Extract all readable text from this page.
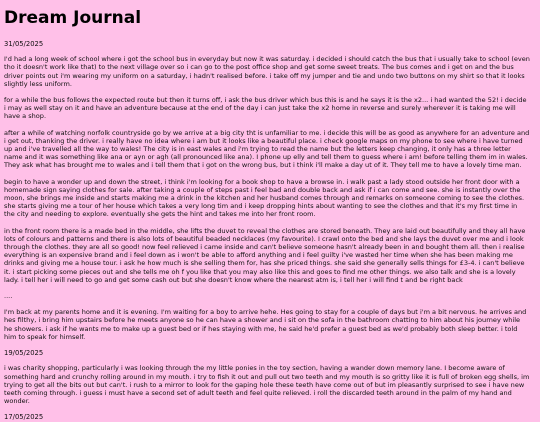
Dream Journal
31/05/2025

I'd had a long week of school where i got the school bus in everyday but now it was saturday. i decided i should catch the bus that i usually take to school (even tho it doesn't work like that) to the next village over so i can go to the post office shop and get some sweet treats. The bus comes and i get on and the bus driver points out i'm wearing my uniform on a saturday, i hadn't realised before. i take off my jumper and tie and undo two buttons on my shirt so that it looks slightly less uniform.

for a while the bus follows the expected route but then it turns off, i ask the bus driver which bus this is and he says it is the x2... i had wanted the 52! i decide i may as well stay on it and have an adventure because at the end of the day i can just take the x2 home in reverse and surely wherever it is taking me will have a shop.

after a while of watching norfolk countryside go by we arrive at a big city tht is unfamiliar to me. i decide this will be as good as anywhere for an adventure and i get out, thanking the driver. i really have no idea where i am but it looks like a beautiful place. i check google maps on my phone to see where i have turned up and i've travelled all the way to wales! The city is in east wales and i'm trying to read the name but the letters keep changing, it only has a three letter name and it was something like ana or ayn or agh (all pronounced like ana). I phone up elly and tell them to guess where i am! before telling them im in wales. They ask what has brought me to wales and i tell them that i got on the wrong bus, but i think i'll make a day ut of it. They tell me to have a lovely time man.

begin to have a wonder up and down the street, i think i'm looking for a book shop to have a browse in. i walk past a lady stood outside her front door with a homemade sign saying clothes for sale. after taking a couple of steps past i feel bad and double back and ask if i can come and see. she is instantly over the moon, she brings me inside and starts making me a drink in the kitchen and her husband comes through and remarks on someone coming to see the clothes. she starts giving me a tour of her house which takes a very long tim and i keep dropping hints about wanting to see the clothes and that it's my first time in the city and needing to explore. eventually she gets the hint and takes me into her front room.

in the front room there is a made bed in the middle, she lifts the duvet to reveal the clothes are stored beneath. They are laid out beautifully and they all have lots of colours and patterns and there is also lots of beautiful beaded necklaces (my favourite). I crawl onto the bed and she lays the duvet over me and i look through the clothes. they are all so good! now feel relieved i came inside and can't believe someone hasn't already been in and bought them all. then i realise everything is an expensive brand and i feel down as i won't be able to afford anything and i feel guilty i've wasted her time when she has been making me drinks and giving me a house tour. i ask he how much is she selling them for, has she priced things. she said she generally sells things for £3-4. i can't believe it. i start picking some pieces out and she tells me oh f you like that you may also like this and goes to find me other things. we also talk and she is a lovely lady. i tell her i will need to go and get some cash out but she doesn't know where the nearest atm is, i tell her i will find t and be right back

....

I'm back at my parents home and it is evening. I'm waiting for a boy to arrive hehe. Hes going to stay for a couple of days but i'm a bit nervous. he arrives and hes filthy, i bring him upstairs before he meets anyone so he can have a shower and i sit on the sofa in the bathroom chatting to him about his journey while he showers. i ask if he wants me to make up a guest bed or if hes staying with me, he said he'd prefer a guest bed as we'd probably both sleep better. i told him to speak for himself.

19/05/2025

i was charity shopping, particularly i was looking through the my little ponies in the toy section, having a wander down memory lane. I become aware of something hard and crunchy rolling around in my mouth. i try to fish it out and pull out two teeth and my mouth is so gritty like it is full of broken egg shells, im trying to get all the bits out but can't. i rush to a mirror to look for the gaping hole these teeth have come out of but im pleasantly surprised to see i have new teeth coming through. i guess i must have a second set of adult teeth and feel quite relieved. i roll the discarded teeth around in the palm of my hand and wonder.

17/05/2025
